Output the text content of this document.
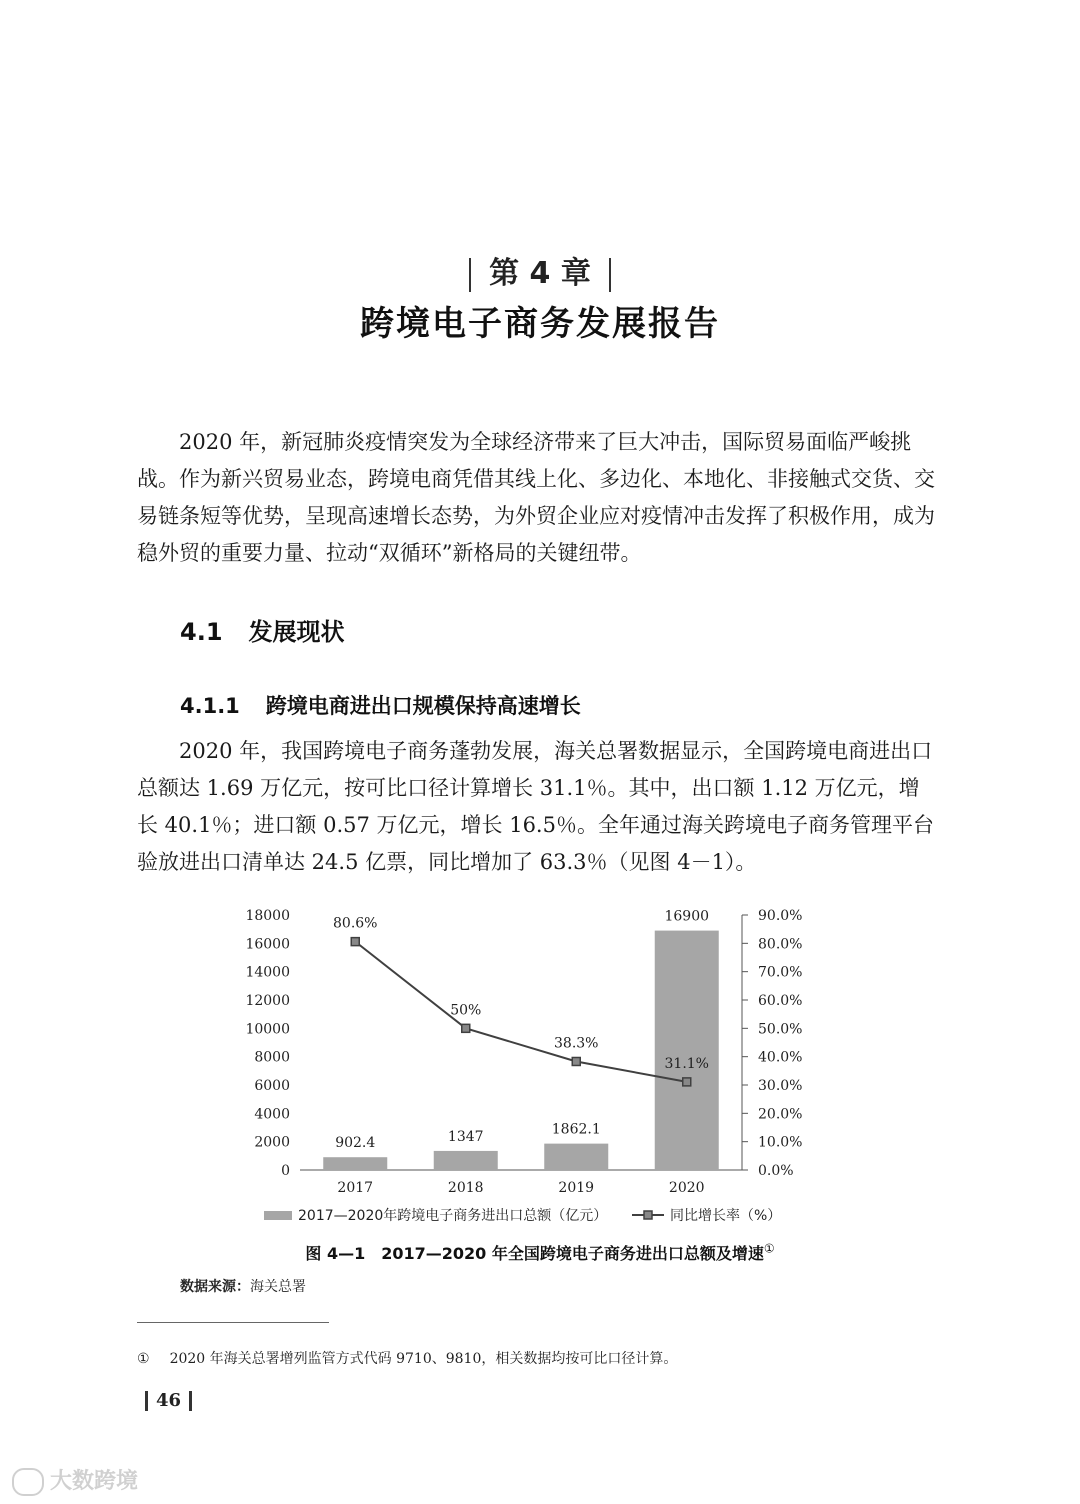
第 4 章
跨境电子商务发展报告

2020 年，新冠肺炎疫情突发为全球经济带来了巨大冲击，国际贸易面临严峻挑战。作为新兴贸易业态，跨境电商凭借其线上化、多边化、本地化、非接触式交货、交易链条短等优势，呈现高速增长态势，为外贸企业应对疫情冲击发挥了积极作用，成为稳外贸的重要力量、拉动“双循环”新格局的关键纽带。

4.1 发展现状
4.1.1 跨境电商进出口规模保持高速增长

2020 年，我国跨境电子商务蓬勃发展，海关总署数据显示，全国跨境电商进出口总额达 1.69 万亿元，按可比口径计算增长 31.1％。其中，出口额 1.12 万亿元，增长 40.1％；进口额 0.57 万亿元，增长 16.5％。全年通过海关跨境电子商务管理平台验放进出口清单达 24.5 亿票，同比增加了 63.3％（见图 4－1）。

0
2000
4000
6000
8000
10000
12000
14000
16000
18000
0.0%
10.0%
20.0%
30.0%
40.0%
50.0%
60.0%
70.0%
80.0%
90.0%
2017	2018	2019	2020
902.4	1347	1862.1
16900
80.6%
50%
38.3%
31.1%
2017—2020年跨境电子商务进出口总额（亿元）	同比增长率（%）
图 4—1 2017—2020 年全国跨境电子商务进出口总额及增速①
数据来源：海关总署
① 2020 年海关总署增列监管方式代码 9710、9810，相关数据均按可比口径计算。
46
大数跨境
